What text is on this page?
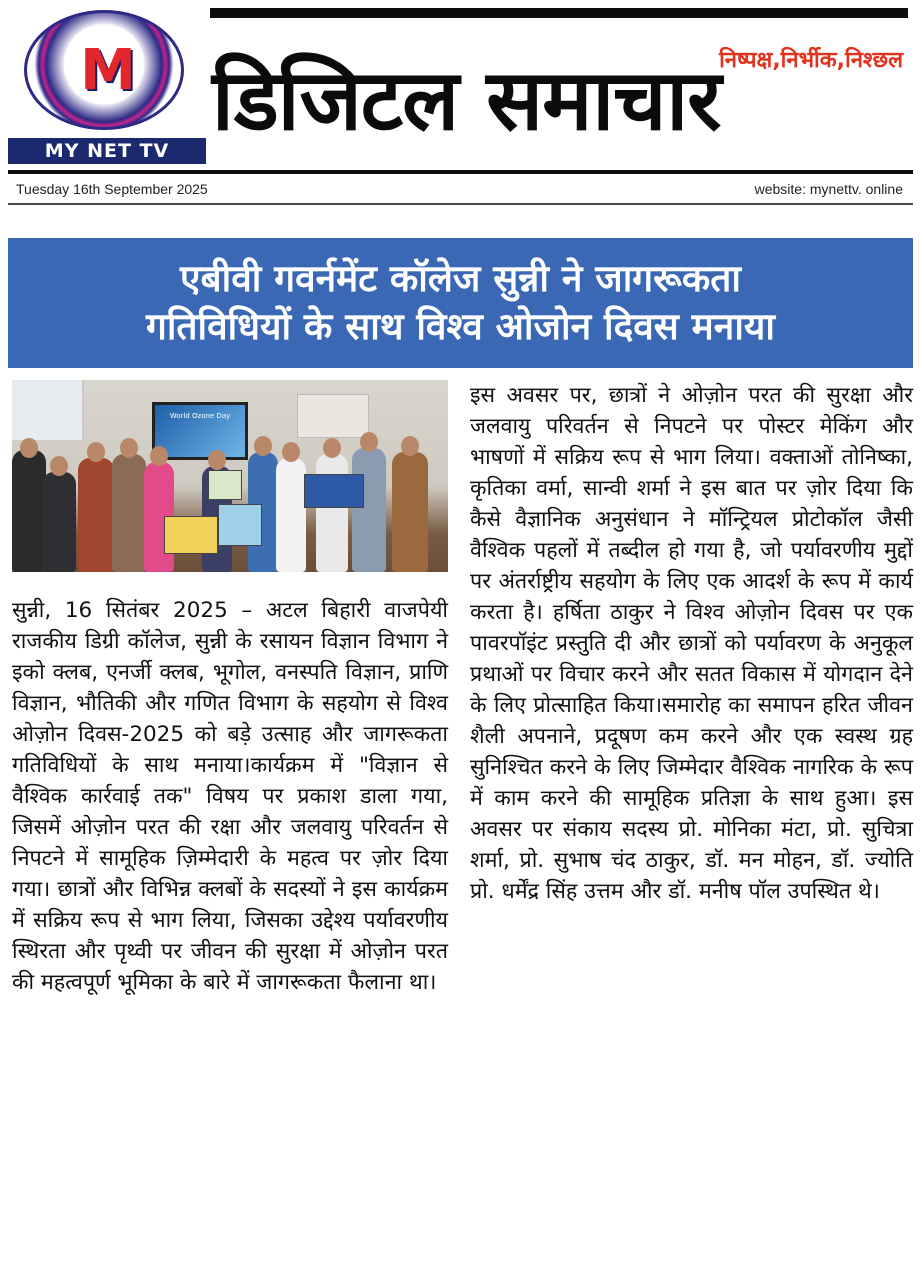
M
MY NET TV
निष्पक्ष,निर्भीक,निश्छल
डिजिटल समाचार
Tuesday 16th September 2025	website: mynettv. online
एबीवी गवर्नमेंट कॉलेज सुन्नी ने जागरूकता
गतिविधियों के साथ विश्व ओजोन दिवस मनाया
World Ozone Day

सुन्नी, 16 सितंबर 2025 – अटल बिहारी वाजपेयी राजकीय डिग्री कॉलेज, सुन्नी के रसायन विज्ञान विभाग ने इको क्लब, एनर्जी क्लब, भूगोल, वनस्पति विज्ञान, प्राणि विज्ञान, भौतिकी और गणित विभाग के सहयोग से विश्व ओज़ोन दिवस-2025 को बड़े उत्साह और जागरूकता गतिविधियों के साथ मनाया।कार्यक्रम में "विज्ञान से वैश्विक कार्रवाई तक" विषय पर प्रकाश डाला गया, जिसमें ओज़ोन परत की रक्षा और जलवायु परिवर्तन से निपटने में सामूहिक ज़िम्मेदारी के महत्व पर ज़ोर दिया गया। छात्रों और विभिन्न क्लबों के सदस्यों ने इस कार्यक्रम में सक्रिय रूप से भाग लिया, जिसका उद्देश्य पर्यावरणीय स्थिरता और पृथ्वी पर जीवन की सुरक्षा में ओज़ोन परत की महत्वपूर्ण भूमिका के बारे में जागरूकता फैलाना था।

इस अवसर पर, छात्रों ने ओज़ोन परत की सुरक्षा और जलवायु परिवर्तन से निपटने पर पोस्टर मेकिंग और भाषणों में सक्रिय रूप से भाग लिया। वक्ताओं तोनिष्का, कृतिका वर्मा, सान्वी शर्मा ने इस बात पर ज़ोर दिया कि कैसे वैज्ञानिक अनुसंधान ने मॉन्ट्रियल प्रोटोकॉल जैसी वैश्विक पहलों में तब्दील हो गया है, जो पर्यावरणीय मुद्दों पर अंतर्राष्ट्रीय सहयोग के लिए एक आदर्श के रूप में कार्य करता है। हर्षिता ठाकुर ने विश्व ओज़ोन दिवस पर एक पावरपॉइंट प्रस्तुति दी और छात्रों को पर्यावरण के अनुकूल प्रथाओं पर विचार करने और सतत विकास में योगदान देने के लिए प्रोत्साहित किया।समारोह का समापन हरित जीवन शैली अपनाने, प्रदूषण कम करने और एक स्वस्थ ग्रह सुनिश्चित करने के लिए जिम्मेदार वैश्विक नागरिक के रूप में काम करने की सामूहिक प्रतिज्ञा के साथ हुआ। इस अवसर पर संकाय सदस्य प्रो. मोनिका मंटा, प्रो. सुचित्रा शर्मा, प्रो. सुभाष चंद ठाकुर, डॉ. मन मोहन, डॉ. ज्योति प्रो. धर्मेंद्र सिंह उत्तम और डॉ. मनीष पॉल उपस्थित थे।
